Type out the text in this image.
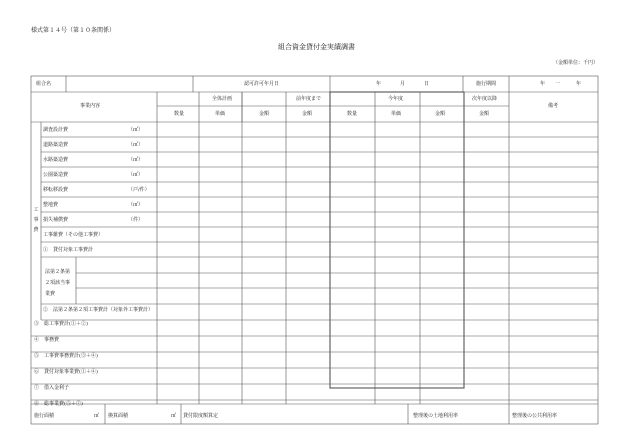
様式第１４号（第１０条関係）
組合資金貸付金実績調書
（金額単位：千円）
組合名	認可許可年月日	年	月	日	施行期間	年 一	年
事業内容
全体計画	前年度まで	今年度	次年度以降
備考
数量	単価	金額	金額	数量	単価	金額	金額
工
事
費
調査設計費	（㎡）
道路築造費	（㎡）
水路築造費	（㎡）
公園築造費	（㎡）
移転移設費	（戸/件）
整地費	（㎡）
損失補償費	（件）
工事雑費（その他工事費）
①　貸付対象工事費計
法第２条第
２項該当事
業費
②　法第２条第２項工事費計（対象外工事費計）
③　総工事費計(①＋②)
④　事務費
⑤　工事費事務費計(③＋④)
⑥　貸付対象事業費(①＋④)
⑦　借入金利子
⑧　総事業費(⑤＋⑦)
施行面積	㎡ 換算面積	㎡ 貸付限度額算定	整理後の土地利用率	整理後の公共利用率
